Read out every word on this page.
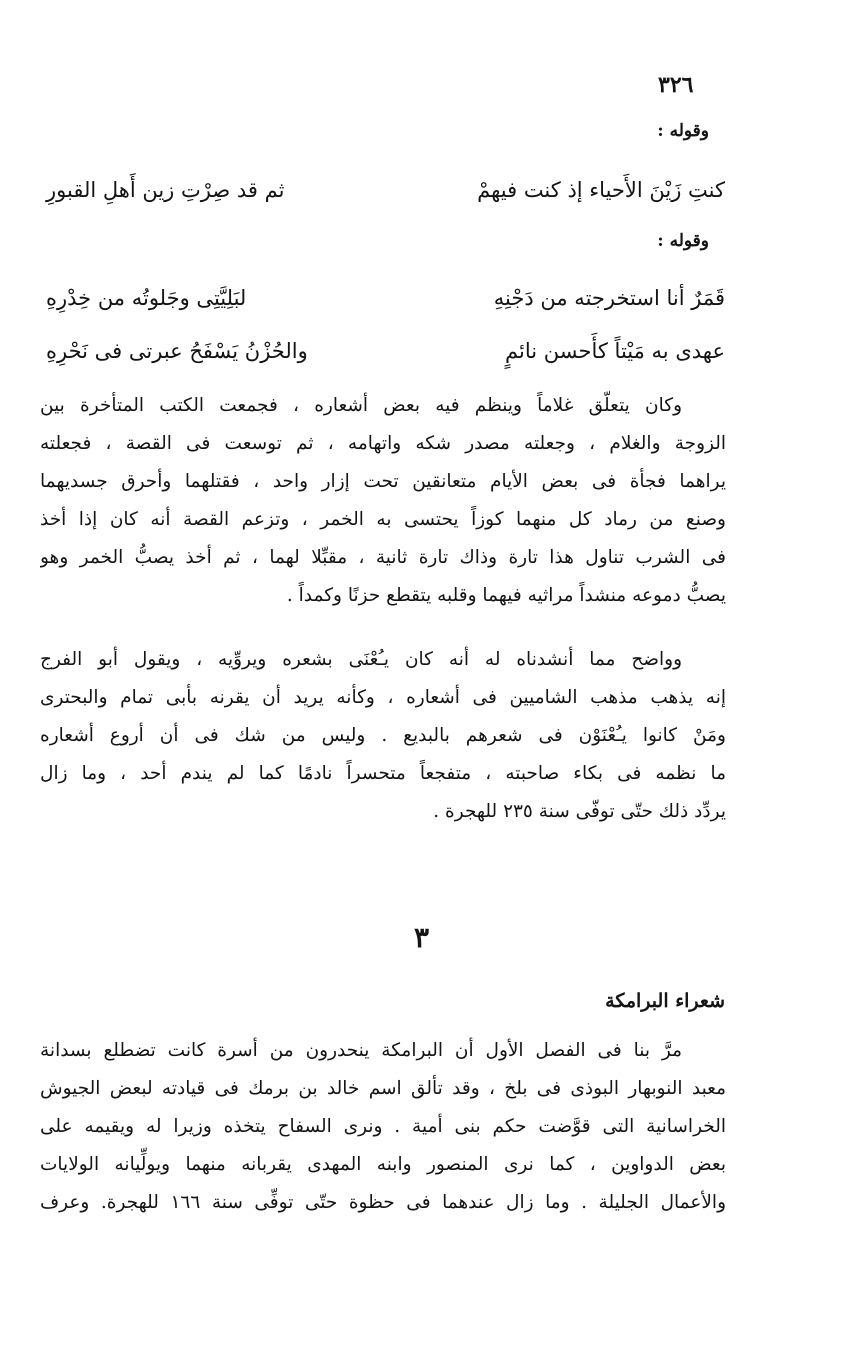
٣٢٦
وقوله :
كنتِ زَيْنَ الأَحياء إذ كنت فيهمْ
ثم قد صِرْتِ زين أَهلِ القبورِ
وقوله :
قَمَرٌ أنا استخرجته من دَجْنِهِ
لبَلِيَّتِى وجَلوتُه من خِدْرِهِ
عهدى به مَيْتاً كأَحسن نائمٍ
والحُزْنُ يَسْفَحُ عبرتى فى نَحْرِهِ
وكان يتعلّق غلاماً وينظم فيه بعض أشعاره ، فجمعت الكتب المتأخرة بين
الزوجة والغلام ، وجعلته مصدر شكه واتهامه ، ثم توسعت فى القصة ، فجعلته
يراهما فجأة فى بعض الأيام متعانقين تحت إزار واحد ، فقتلهما وأحرق جسديهما
وصنع من رماد كل منهما كوزاً يحتسى به الخمر ، وتزعم القصة أنه كان إذا أخذ
فى الشرب تناول هذا تارة وذاك تارة ثانية ، مقبِّلا لهما ، ثم أخذ يصبُّ الخمر وهو
يصبُّ دموعه منشداً مراثيه فيهما وقلبه يتقطع حزنًا وكمداً .
وواضح مما أنشدناه له أنه كان يـُعْنَى بشعره ويروِّيه ، ويقول أبو الفرج
إنه يذهب مذهب الشاميين فى أشعاره ، وكأنه يريد أن يقرنه بأبى تمام والبحترى
ومَنْ كانوا يـُعْنَوْن فى شعرهم بالبديع . وليس من شك فى أن أروع أشعاره
ما نظمه فى بكاء صاحبته ، متفجعاً متحسراً نادمًا كما لم يندم أحد ، وما زال
يردِّد ذلك حتّى توفّى سنة ٢٣٥ للهجرة .
٣
شعراء البرامكة
مرَّ بنا فى الفصل الأول أن البرامكة ينحدرون من أسرة كانت تضطلع بسدانة
معبد النوبهار البوذى فى بلخ ، وقد تألق اسم خالد بن برمك فى قيادته لبعض الجيوش
الخراسانية التى قوَّضت حكم بنى أمية . ونرى السفاح يتخذه وزيرا له ويقيمه على
بعض الدواوين ، كما نرى المنصور وابنه المهدى يقربانه منهما ويولِّيانه الولايات
والأعمال الجليلة . وما زال عندهما فى حظوة حتّى توفِّى سنة ١٦٦ للهجرة. وعرف
